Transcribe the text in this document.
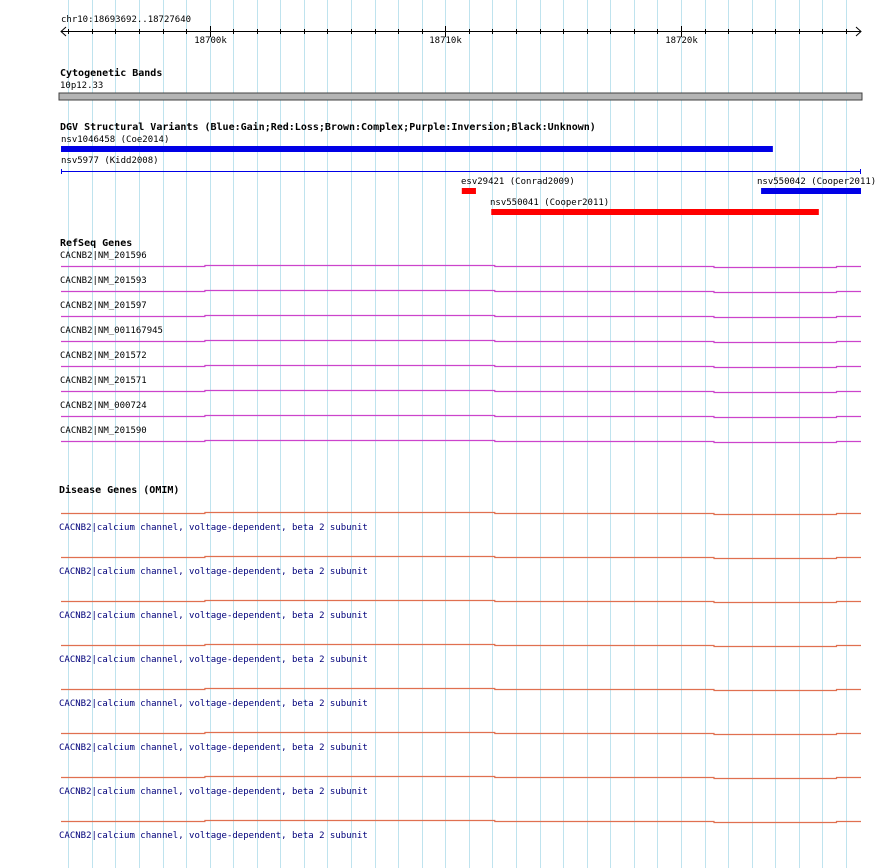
chr10:18693692..18727640
18700k	18710k	18720k
Cytogenetic Bands
10p12.33
DGV Structural Variants (Blue:Gain;Red:Loss;Brown:Complex;Purple:Inversion;Black:Unknown)
nsv1046458 (Coe2014)
nsv5977 (Kidd2008)
esv29421 (Conrad2009)	nsv550042 (Cooper2011)
nsv550041 (Cooper2011)
RefSeq Genes
CACNB2|NM_201596
CACNB2|NM_201593
CACNB2|NM_201597
CACNB2|NM_001167945
CACNB2|NM_201572
CACNB2|NM_201571
CACNB2|NM_000724
CACNB2|NM_201590
Disease Genes (OMIM)
CACNB2|calcium channel, voltage-dependent, beta 2 subunit
CACNB2|calcium channel, voltage-dependent, beta 2 subunit
CACNB2|calcium channel, voltage-dependent, beta 2 subunit
CACNB2|calcium channel, voltage-dependent, beta 2 subunit
CACNB2|calcium channel, voltage-dependent, beta 2 subunit
CACNB2|calcium channel, voltage-dependent, beta 2 subunit
CACNB2|calcium channel, voltage-dependent, beta 2 subunit
CACNB2|calcium channel, voltage-dependent, beta 2 subunit
